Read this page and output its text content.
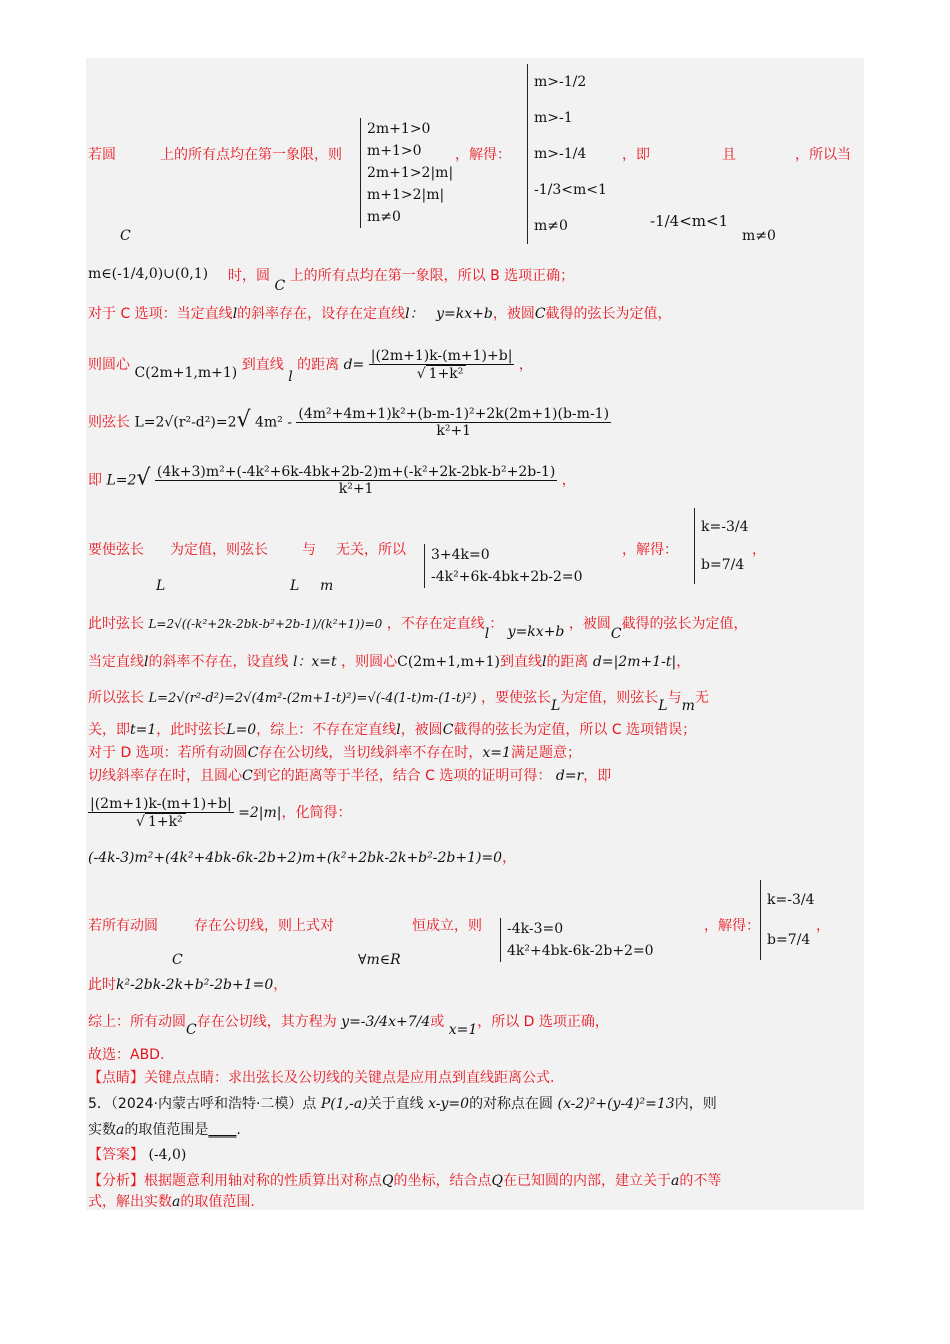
若圆	上的所有点均在第一象限，则
2m+1>0
m+1>0
2m+1>2|m|
m+1>2|m|
m≠0
，解得：
m>-1/2
m>-1
m>-1/4
-1/3<m<1
m≠0
，即	且	，所以当
C
-1/4<m<1
m≠0
m∈(-1/4,0)∪(0,1) 时，圆 C 上的所有点均在第一象限，所以 B 选项正确；
对于 C 选项：当定直线l的斜率存在，设存在定直线l： y=kx+b，被圆C截得的弦长为定值，
则圆心 C(2m+1,m+1) 到直线 l 的距离 $d= \frac{|(2m+1)k-(m+1)+b|}{\text{√ 1+k²}}$ ，
则弦长 L=2√(r²-d²)=2√ $4m^2 - \frac{\text{(4m²+4m+1)k²+(b-m-1)²+2k(2m+1)(b-m-1)}}{\text{k²+1}}$
即 $L=2√ \frac{\text{(4k+3)m²+(-4k²+6k-4bk+2b-2)m+(-k²+2k-2bk-b²+2b-1)}}{\text{k²+1}}$ ，
要使弦长 为定值，则弦长 与 无关，所以 3+4k=0
-4k²+6k-4bk+2b-2=0
，解得：
k=-3/4
b=7/4
，
L	L m
此时弦长 L=2√((-k²+2k-2bk-b²+2b-1)/(k²+1))=0 ，不存在定直线l： y=kx+b ，被圆C截得的弦长为定值，
当定直线l的斜率不存在，设直线 l：x=t ，则圆心C(2m+1,m+1)到直线l的距离 d=|2m+1-t|，
所以弦长 L=2√(r²-d²)=2√(4m²-(2m+1-t)²)=√(-4(1-t)m-(1-t)²) ，要使弦长L为定值，则弦长L与m无
关，即t=1，此时弦长L=0，综上：不存在定直线l，被圆C截得的弦长为定值，所以 C 选项错误；
对于 D 选项：若所有动圆C存在公切线，当切线斜率不存在时，x=1满足题意；
切线斜率存在时，且圆心C到它的距离等于半径，结合 C 选项的证明可得： d=r，即
$\frac{|(2m+1)k-(m+1)+b|}{\text{√ 1+k²}} =2|m|$，化简得：
(-4k-3)m²+(4k²+4bk-6k-2b+2)m+(k²+2bk-2k+b²-2b+1)=0，
若所有动圆	存在公切线，则上式对	恒成立，则 -4k-3=0
4k²+4bk-6k-2b+2=0
，解得：
k=-3/4
b=7/4
，
C	∀m∈R
此时k²-2bk-2k+b²-2b+1=0，
综上：所有动圆C存在公切线，其方程为 y=-3/4x+7/4或 x=1，所以 D 选项正确，
故选：ABD.
【点睛】关键点点睛：求出弦长及公切线的关键点是应用点到直线距离公式.
5．（2024·内蒙古呼和浩特·二模）点 P(1,-a)关于直线 x-y=0的对称点在圆 (x-2)²+(y-4)²=13内，则
实数a的取值范围是____.
【答案】 (-4,0)
【分析】根据题意利用轴对称的性质算出对称点Q的坐标，结合点Q在已知圆的内部，建立关于a的不等
式，解出实数a的取值范围.
